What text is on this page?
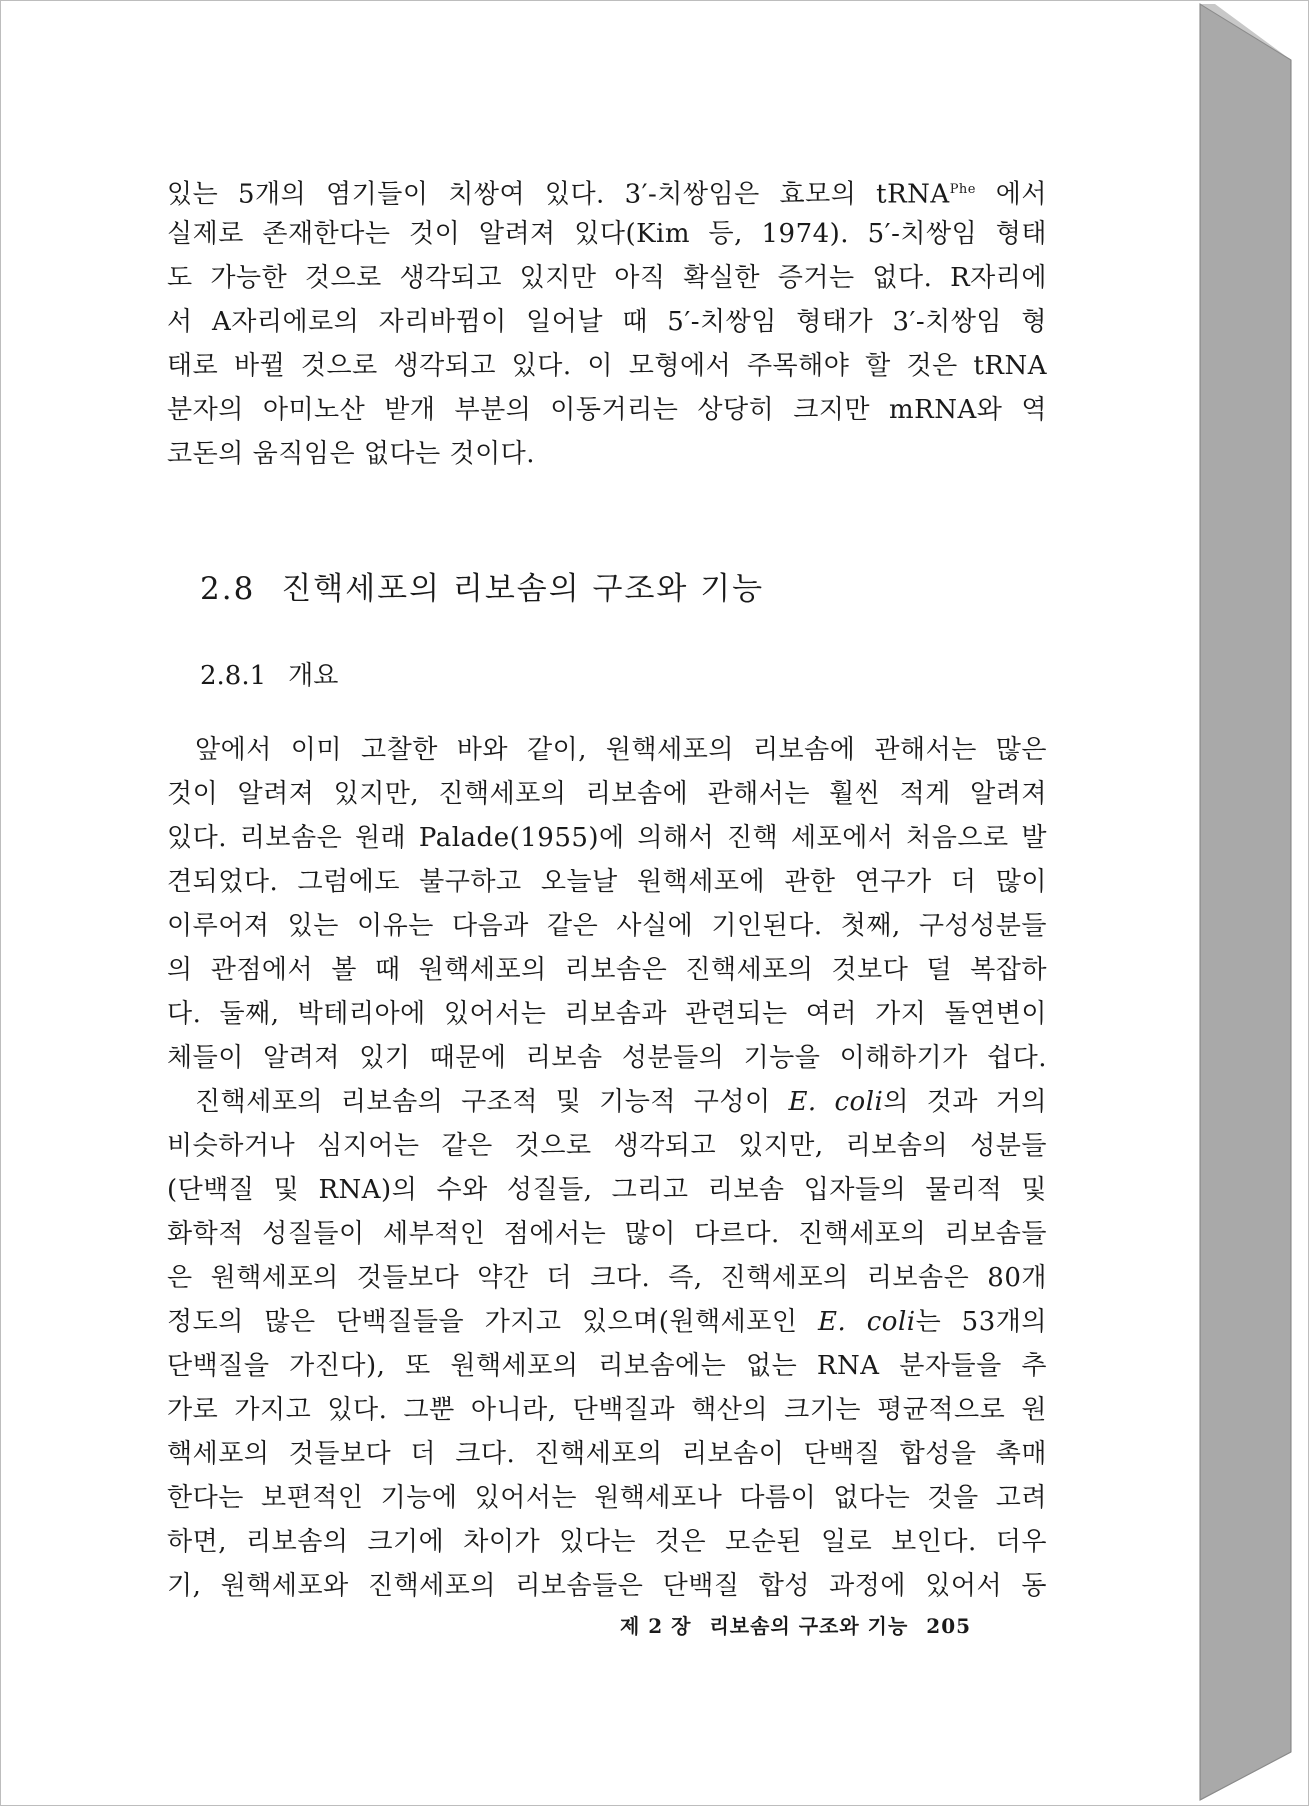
있는 5개의 염기들이 치쌍여 있다. 3′-치쌍임은 효모의 tRNA$^{Phe}$ 에서
실제로 존재한다는 것이 알려져 있다(Kim 등, 1974). 5′-치쌍임 형태
도 가능한 것으로 생각되고 있지만 아직 확실한 증거는 없다. R자리에
서 A자리에로의 자리바뀜이 일어날 때 5′-치쌍임 형태가 3′-치쌍임 형
태로 바뀔 것으로 생각되고 있다. 이 모형에서 주목해야 할 것은 tRNA
분자의 아미노산 받개 부분의 이동거리는 상당히 크지만 mRNA와 역
코돈의 움직임은 없다는 것이다.
2.8 진핵세포의 리보솜의 구조와 기능
2.8.1 개요
앞에서 이미 고찰한 바와 같이, 원핵세포의 리보솜에 관해서는 많은
것이 알려져 있지만, 진핵세포의 리보솜에 관해서는 훨씬 적게 알려져
있다. 리보솜은 원래 Palade(1955)에 의해서 진핵 세포에서 처음으로 발
견되었다. 그럼에도 불구하고 오늘날 원핵세포에 관한 연구가 더 많이
이루어져 있는 이유는 다음과 같은 사실에 기인된다. 첫째, 구성성분들
의 관점에서 볼 때 원핵세포의 리보솜은 진핵세포의 것보다 덜 복잡하
다. 둘째, 박테리아에 있어서는 리보솜과 관련되는 여러 가지 돌연변이
체들이 알려져 있기 때문에 리보솜 성분들의 기능을 이해하기가 쉽다.
진핵세포의 리보솜의 구조적 및 기능적 구성이 E. coli의 것과 거의
비슷하거나 심지어는 같은 것으로 생각되고 있지만, 리보솜의 성분들
(단백질 및 RNA)의 수와 성질들, 그리고 리보솜 입자들의 물리적 및
화학적 성질들이 세부적인 점에서는 많이 다르다. 진핵세포의 리보솜들
은 원핵세포의 것들보다 약간 더 크다. 즉, 진핵세포의 리보솜은 80개
정도의 많은 단백질들을 가지고 있으며(원핵세포인 E. coli는 53개의
단백질을 가진다), 또 원핵세포의 리보솜에는 없는 RNA 분자들을 추
가로 가지고 있다. 그뿐 아니라, 단백질과 핵산의 크기는 평균적으로 원
핵세포의 것들보다 더 크다. 진핵세포의 리보솜이 단백질 합성을 촉매
한다는 보편적인 기능에 있어서는 원핵세포나 다름이 없다는 것을 고려
하면, 리보솜의 크기에 차이가 있다는 것은 모순된 일로 보인다. 더우
기, 원핵세포와 진핵세포의 리보솜들은 단백질 합성 과정에 있어서 동
제 2 장 리보솜의 구조와 기능 205
